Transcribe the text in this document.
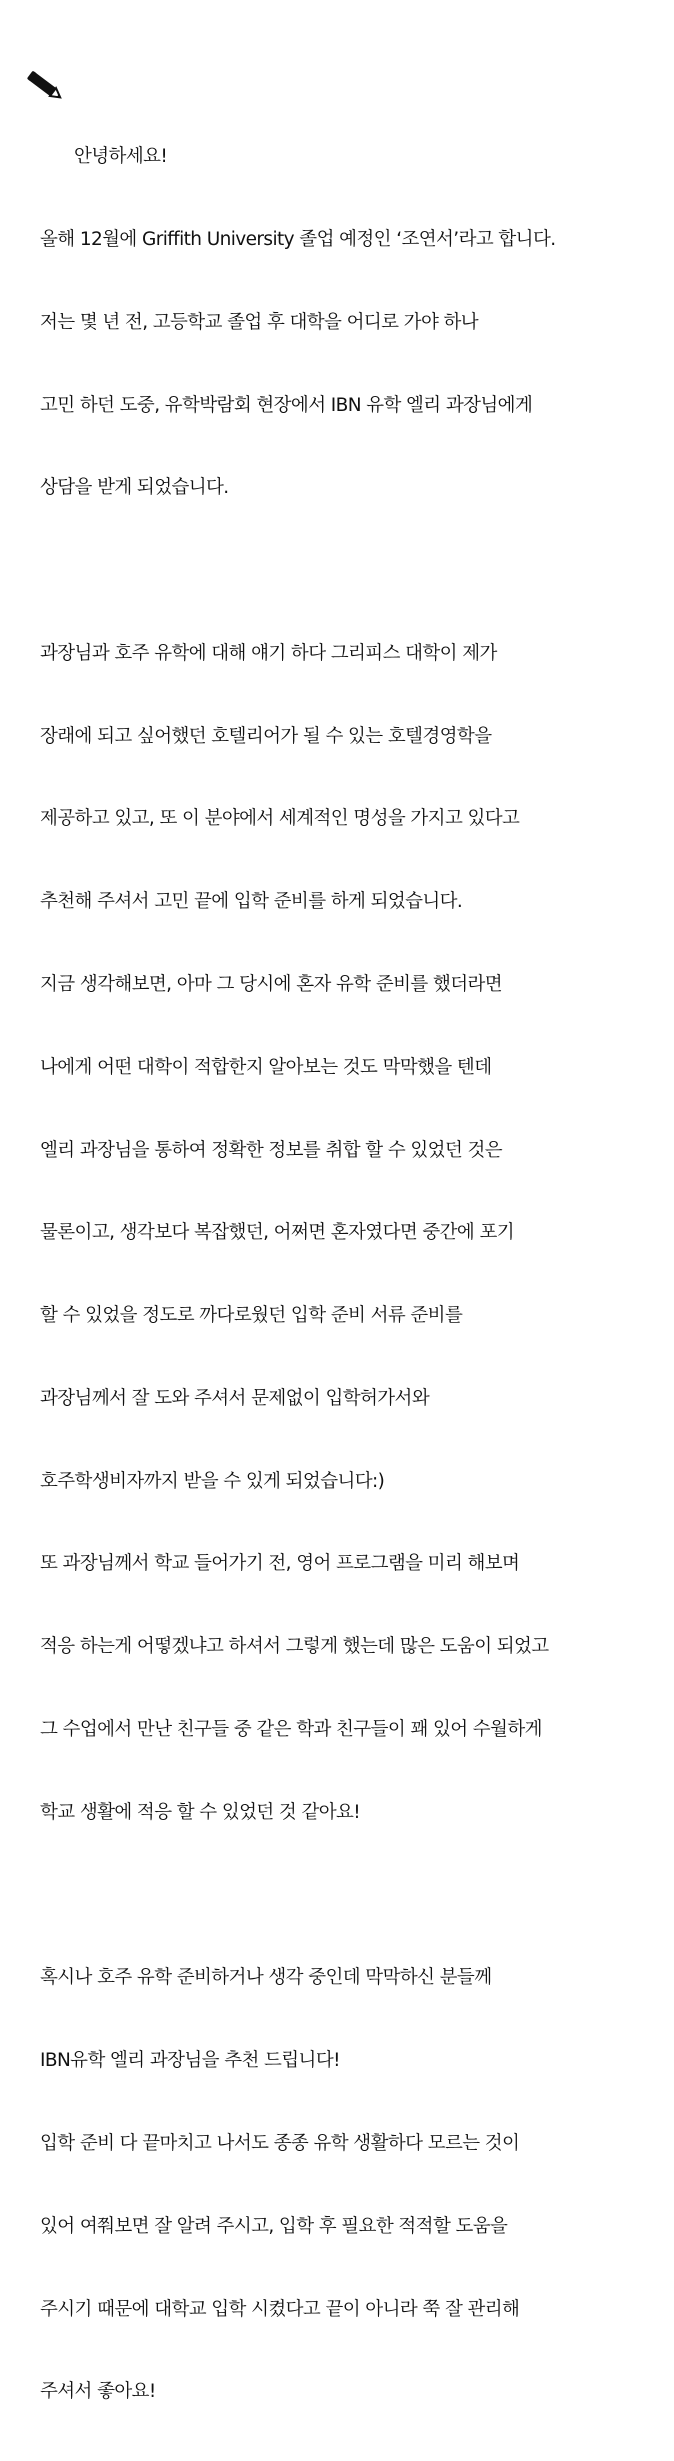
안녕하세요!

올해 12월에 Griffith University 졸업 예정인 ‘조연서’라고 합니다.

저는 몇 년 전, 고등학교 졸업 후 대학을 어디로 가야 하나

고민 하던 도중, 유학박람회 현장에서 IBN 유학 엘리 과장님에게

상담을 받게 되었습니다.

과장님과 호주 유학에 대해 얘기 하다 그리피스 대학이 제가

장래에 되고 싶어했던 호텔리어가 될 수 있는 호텔경영학을

제공하고 있고, 또 이 분야에서 세계적인 명성을 가지고 있다고

추천해 주셔서 고민 끝에 입학 준비를 하게 되었습니다.

지금 생각해보면, 아마 그 당시에 혼자 유학 준비를 했더라면

나에게 어떤 대학이 적합한지 알아보는 것도 막막했을 텐데

엘리 과장님을 통하여 정확한 정보를 취합 할 수 있었던 것은

물론이고, 생각보다 복잡했던, 어쩌면 혼자였다면 중간에 포기

할 수 있었을 정도로 까다로웠던 입학 준비 서류 준비를

과장님께서 잘 도와 주셔서 문제없이 입학허가서와

호주학생비자까지 받을 수 있게 되었습니다:)

또 과장님께서 학교 들어가기 전, 영어 프로그램을 미리 해보며

적응 하는게 어떻겠냐고 하셔서 그렇게 했는데 많은 도움이 되었고

그 수업에서 만난 친구들 중 같은 학과 친구들이 꽤 있어 수월하게

학교 생활에 적응 할 수 있었던 것 같아요!

혹시나 호주 유학 준비하거나 생각 중인데 막막하신 분들께

IBN유학 엘리 과장님을 추천 드립니다!

입학 준비 다 끝마치고 나서도 종종 유학 생활하다 모르는 것이

있어 여쭤보면 잘 알려 주시고, 입학 후 필요한 적적할 도움을

주시기 때문에 대학교 입학 시켰다고 끝이 아니라 쭉 잘 관리해

주셔서 좋아요!
